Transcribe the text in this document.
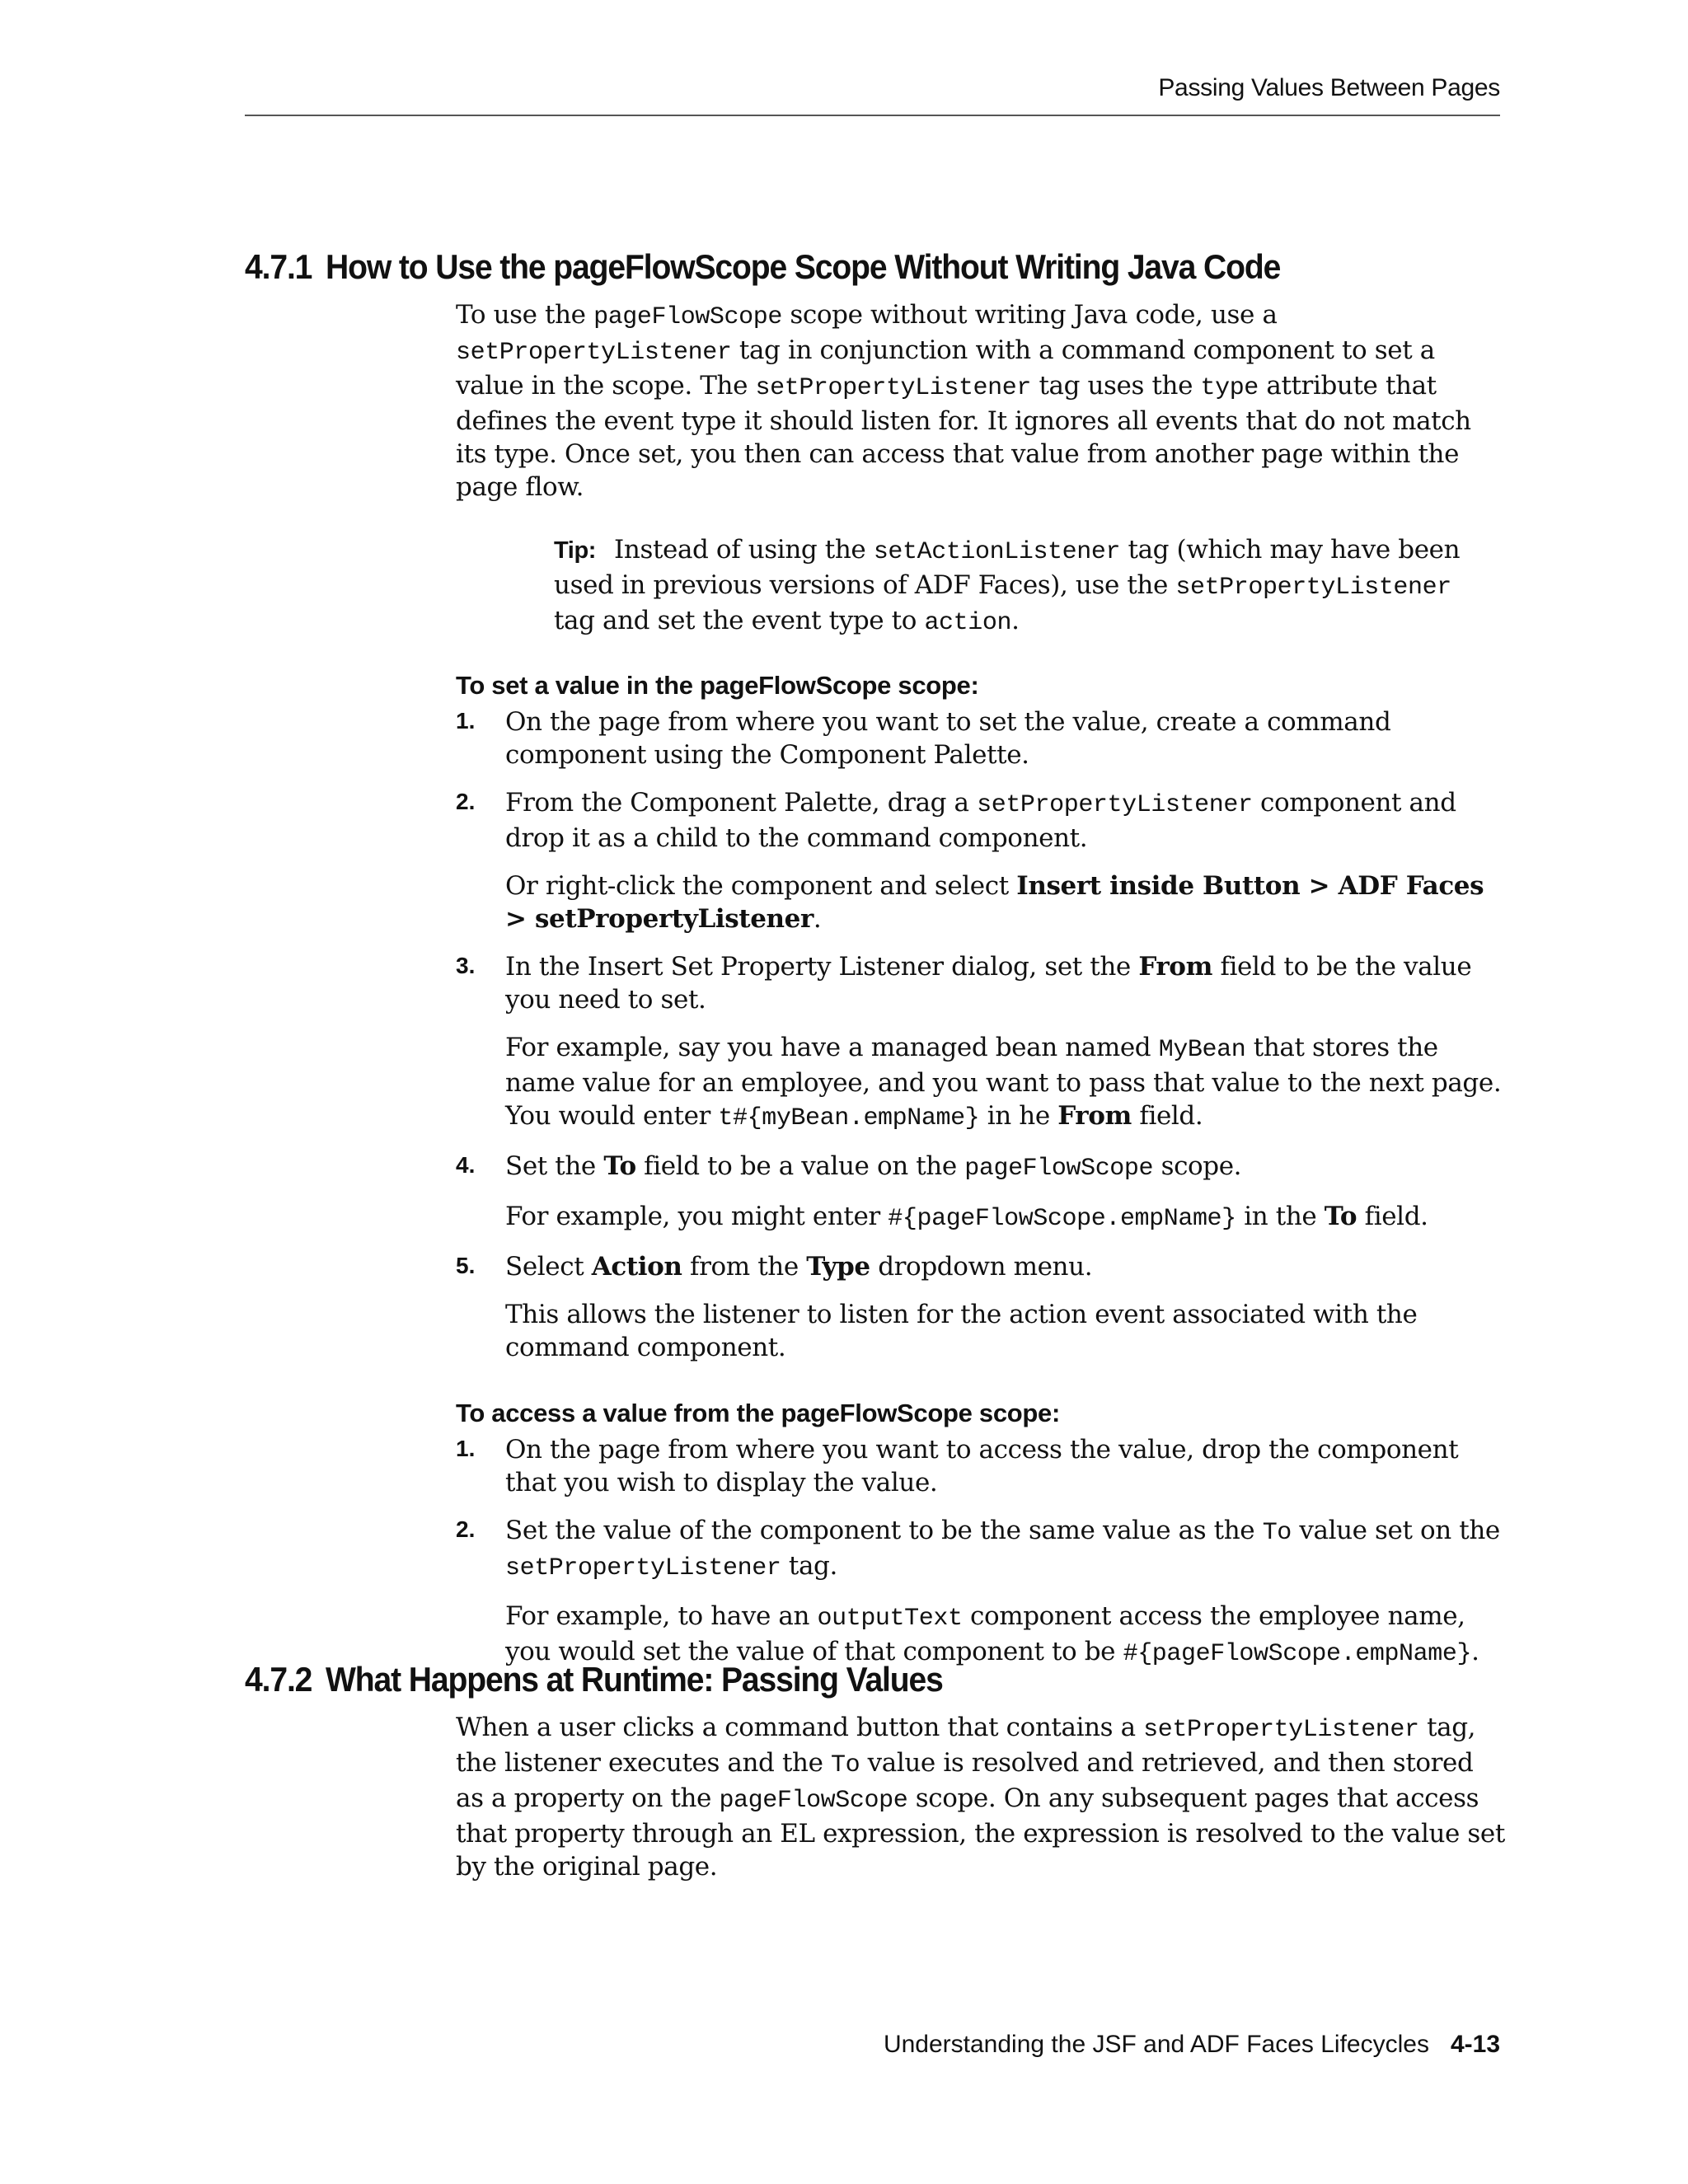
Passing Values Between Pages
4.7.1 How to Use the pageFlowScope Scope Without Writing Java Code

To use the pageFlowScope scope without writing Java code, use a setPropertyListener tag in conjunction with a command component to set a value in the scope. The setPropertyListener tag uses the type attribute that defines the event type it should listen for. It ignores all events that do not match its type. Once set, you then can access that value from another page within the page flow.

Tip: Instead of using the setActionListener tag (which may have been used in previous versions of ADF Faces), use the setPropertyListener tag and set the event type to action.

To set a value in the pageFlowScope scope:
1. On the page from where you want to set the value, create a command component using the Component Palette.

2. From the Component Palette, drag a setPropertyListener component and drop it as a child to the command component.

Or right-click the component and select Insert inside Button > ADF Faces > setPropertyListener.

3. In the Insert Set Property Listener dialog, set the From field to be the value you need to set.

For example, say you have a managed bean named MyBean that stores the name value for an employee, and you want to pass that value to the next page. You would enter t#{myBean.empName} in he From field.

4. Set the To field to be a value on the pageFlowScope scope.

For example, you might enter #{pageFlowScope.empName} in the To field.

5. Select Action from the Type dropdown menu.

This allows the listener to listen for the action event associated with the command component.

To access a value from the pageFlowScope scope:
1. On the page from where you want to access the value, drop the component that you wish to display the value.

2. Set the value of the component to be the same value as the To value set on the setPropertyListener tag.

For example, to have an outputText component access the employee name, you would set the value of that component to be #{pageFlowScope.empName}.

4.7.2 What Happens at Runtime: Passing Values

When a user clicks a command button that contains a setPropertyListener tag, the listener executes and the To value is resolved and retrieved, and then stored as a property on the pageFlowScope scope. On any subsequent pages that access that property through an EL expression, the expression is resolved to the value set by the original page.

Understanding the JSF and ADF Faces Lifecycles 4-13
